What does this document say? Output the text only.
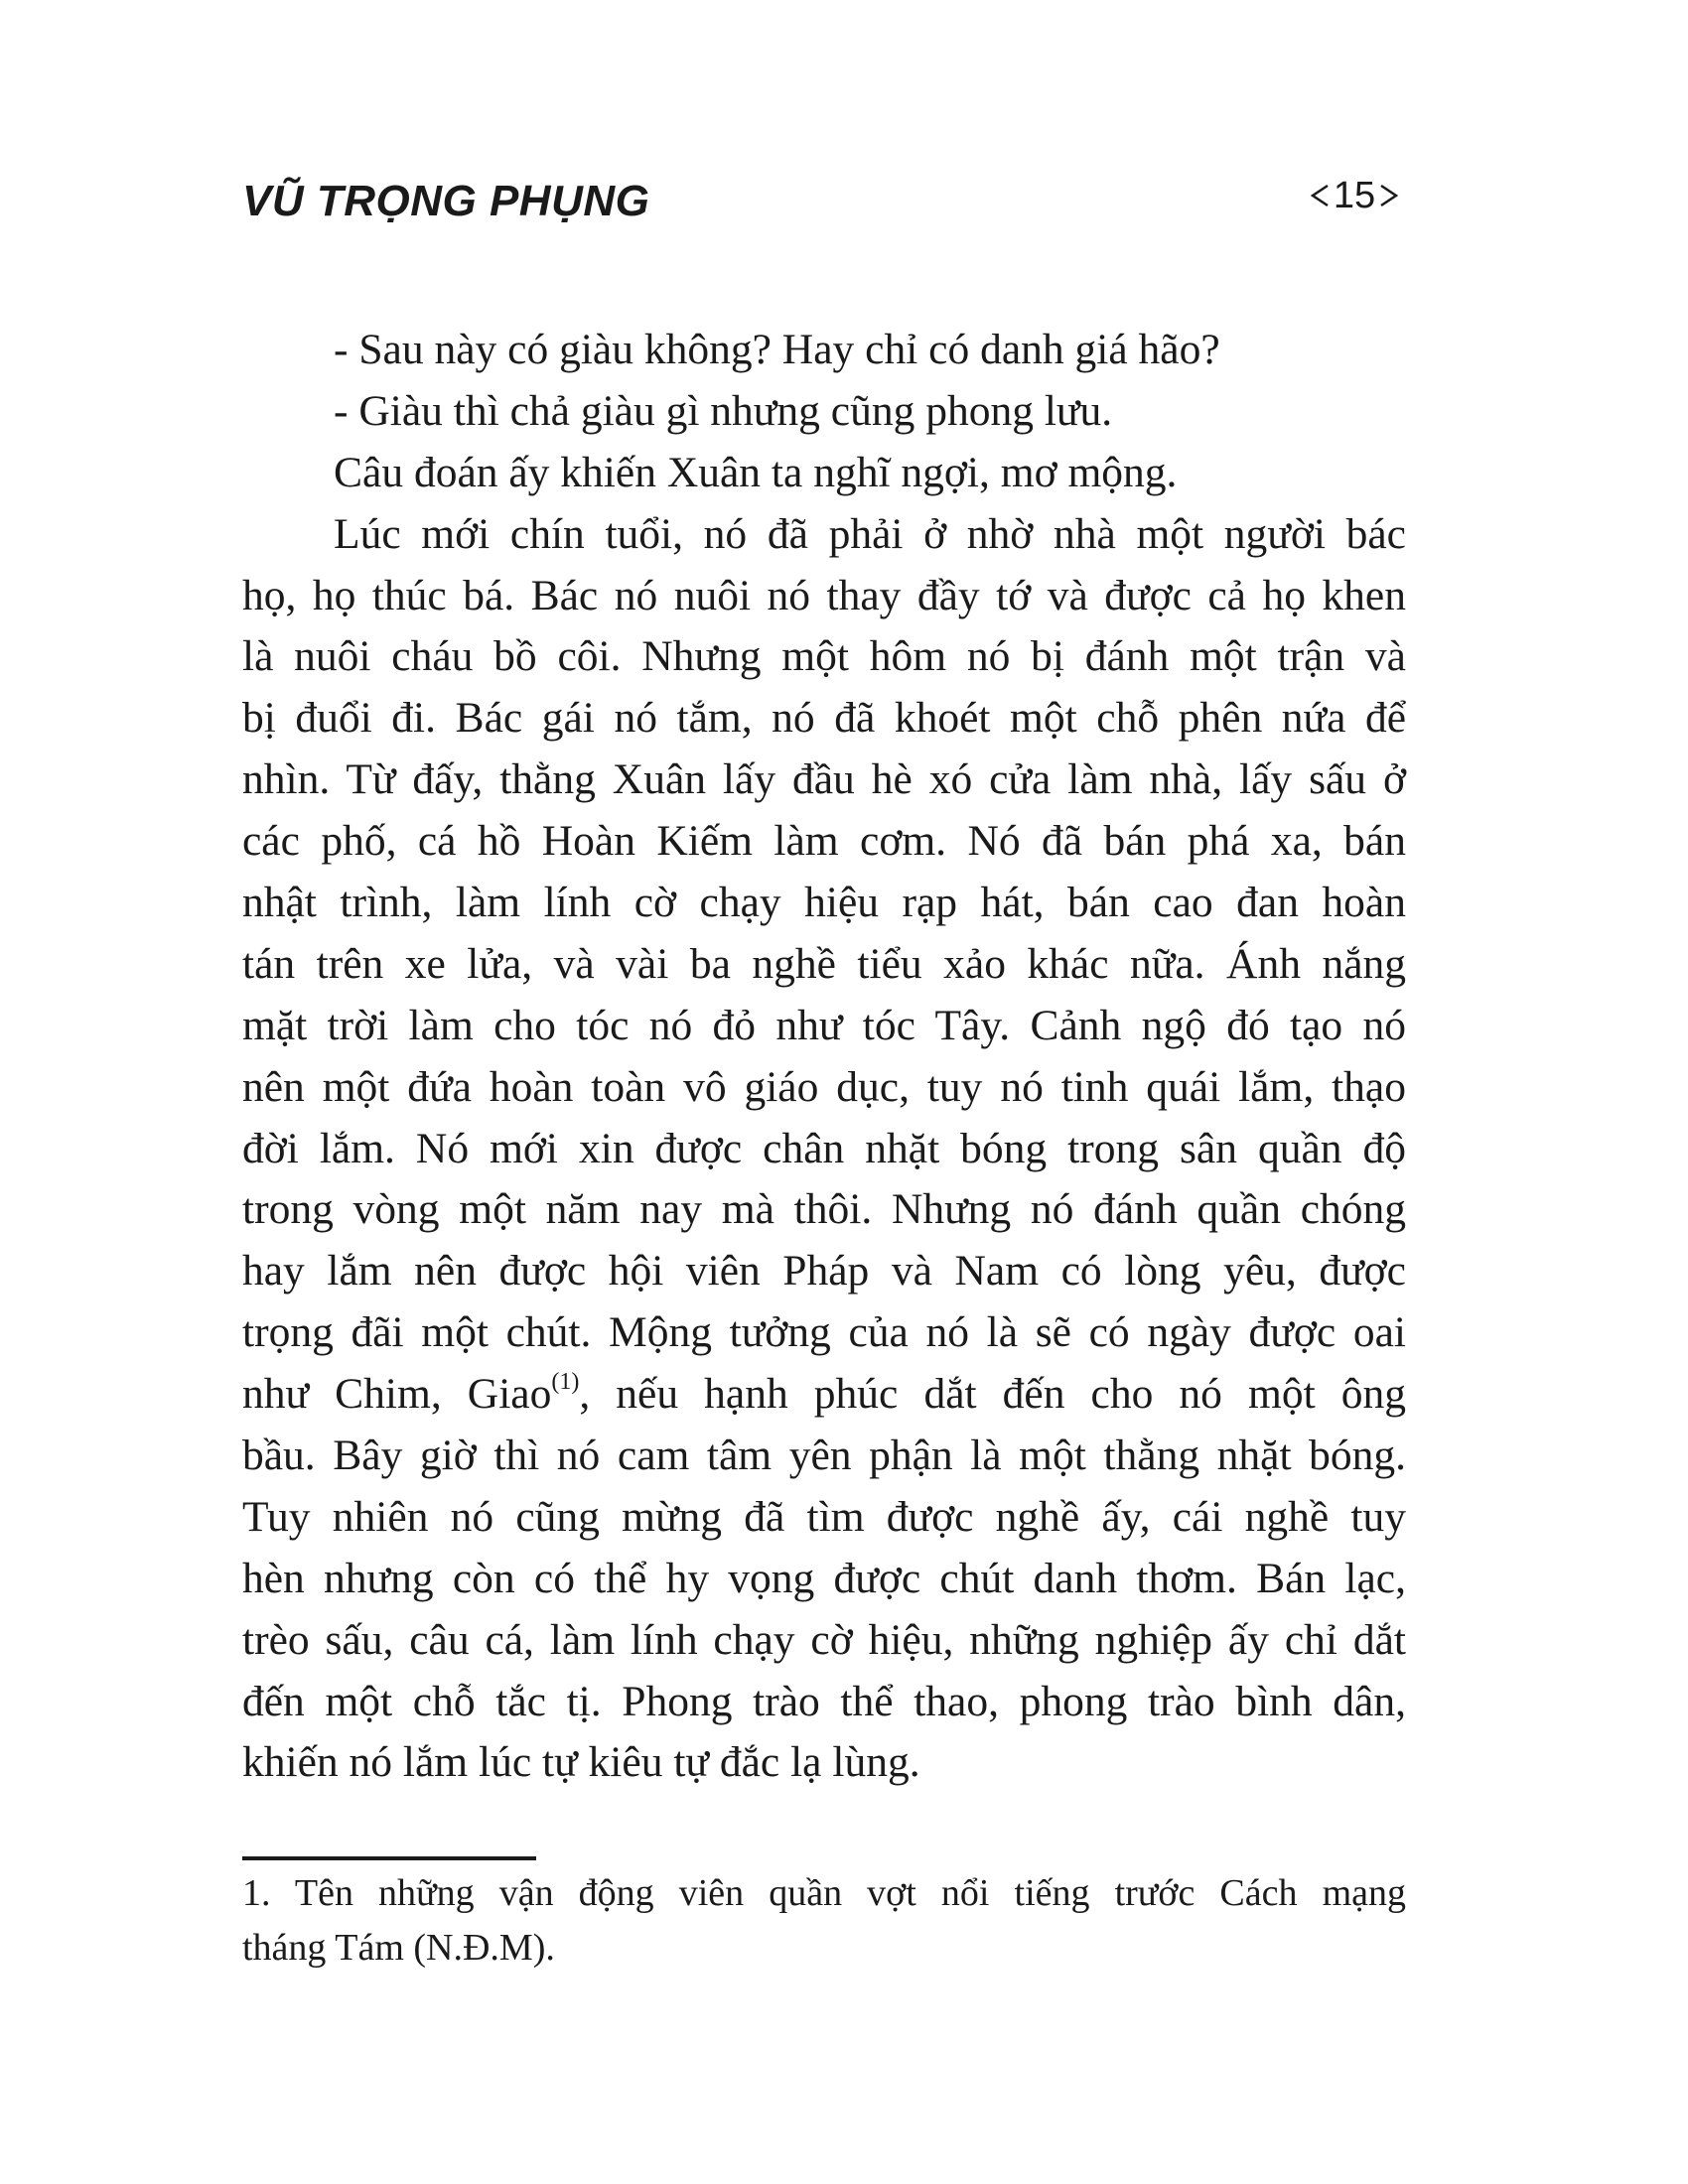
VŨ TRỌNG PHỤNG	15
- Sau này có giàu không? Hay chỉ có danh giá hão?
- Giàu thì chả giàu gì nhưng cũng phong lưu.
Câu đoán ấy khiến Xuân ta nghĩ ngợi, mơ mộng.
Lúc mới chín tuổi, nó đã phải ở nhờ nhà một người bác
họ, họ thúc bá. Bác nó nuôi nó thay đầy tớ và được cả họ khen
là nuôi cháu bồ côi. Nhưng một hôm nó bị đánh một trận và
bị đuổi đi. Bác gái nó tắm, nó đã khoét một chỗ phên nứa để
nhìn. Từ đấy, thằng Xuân lấy đầu hè xó cửa làm nhà, lấy sấu ở
các phố, cá hồ Hoàn Kiếm làm cơm. Nó đã bán phá xa, bán
nhật trình, làm lính cờ chạy hiệu rạp hát, bán cao đan hoàn
tán trên xe lửa, và vài ba nghề tiểu xảo khác nữa. Ánh nắng
mặt trời làm cho tóc nó đỏ như tóc Tây. Cảnh ngộ đó tạo nó
nên một đứa hoàn toàn vô giáo dục, tuy nó tinh quái lắm, thạo
đời lắm. Nó mới xin được chân nhặt bóng trong sân quần độ
trong vòng một năm nay mà thôi. Nhưng nó đánh quần chóng
hay lắm nên được hội viên Pháp và Nam có lòng yêu, được
trọng đãi một chút. Mộng tưởng của nó là sẽ có ngày được oai
như Chim, Giao$^{(1)}$, nếu hạnh phúc dắt đến cho nó một ông
bầu. Bây giờ thì nó cam tâm yên phận là một thằng nhặt bóng.
Tuy nhiên nó cũng mừng đã tìm được nghề ấy, cái nghề tuy
hèn nhưng còn có thể hy vọng được chút danh thơm. Bán lạc,
trèo sấu, câu cá, làm lính chạy cờ hiệu, những nghiệp ấy chỉ dắt
đến một chỗ tắc tị. Phong trào thể thao, phong trào bình dân,
khiến nó lắm lúc tự kiêu tự đắc lạ lùng.
1. Tên những vận động viên quần vợt nổi tiếng trước Cách mạng
tháng Tám (N.Đ.M).
